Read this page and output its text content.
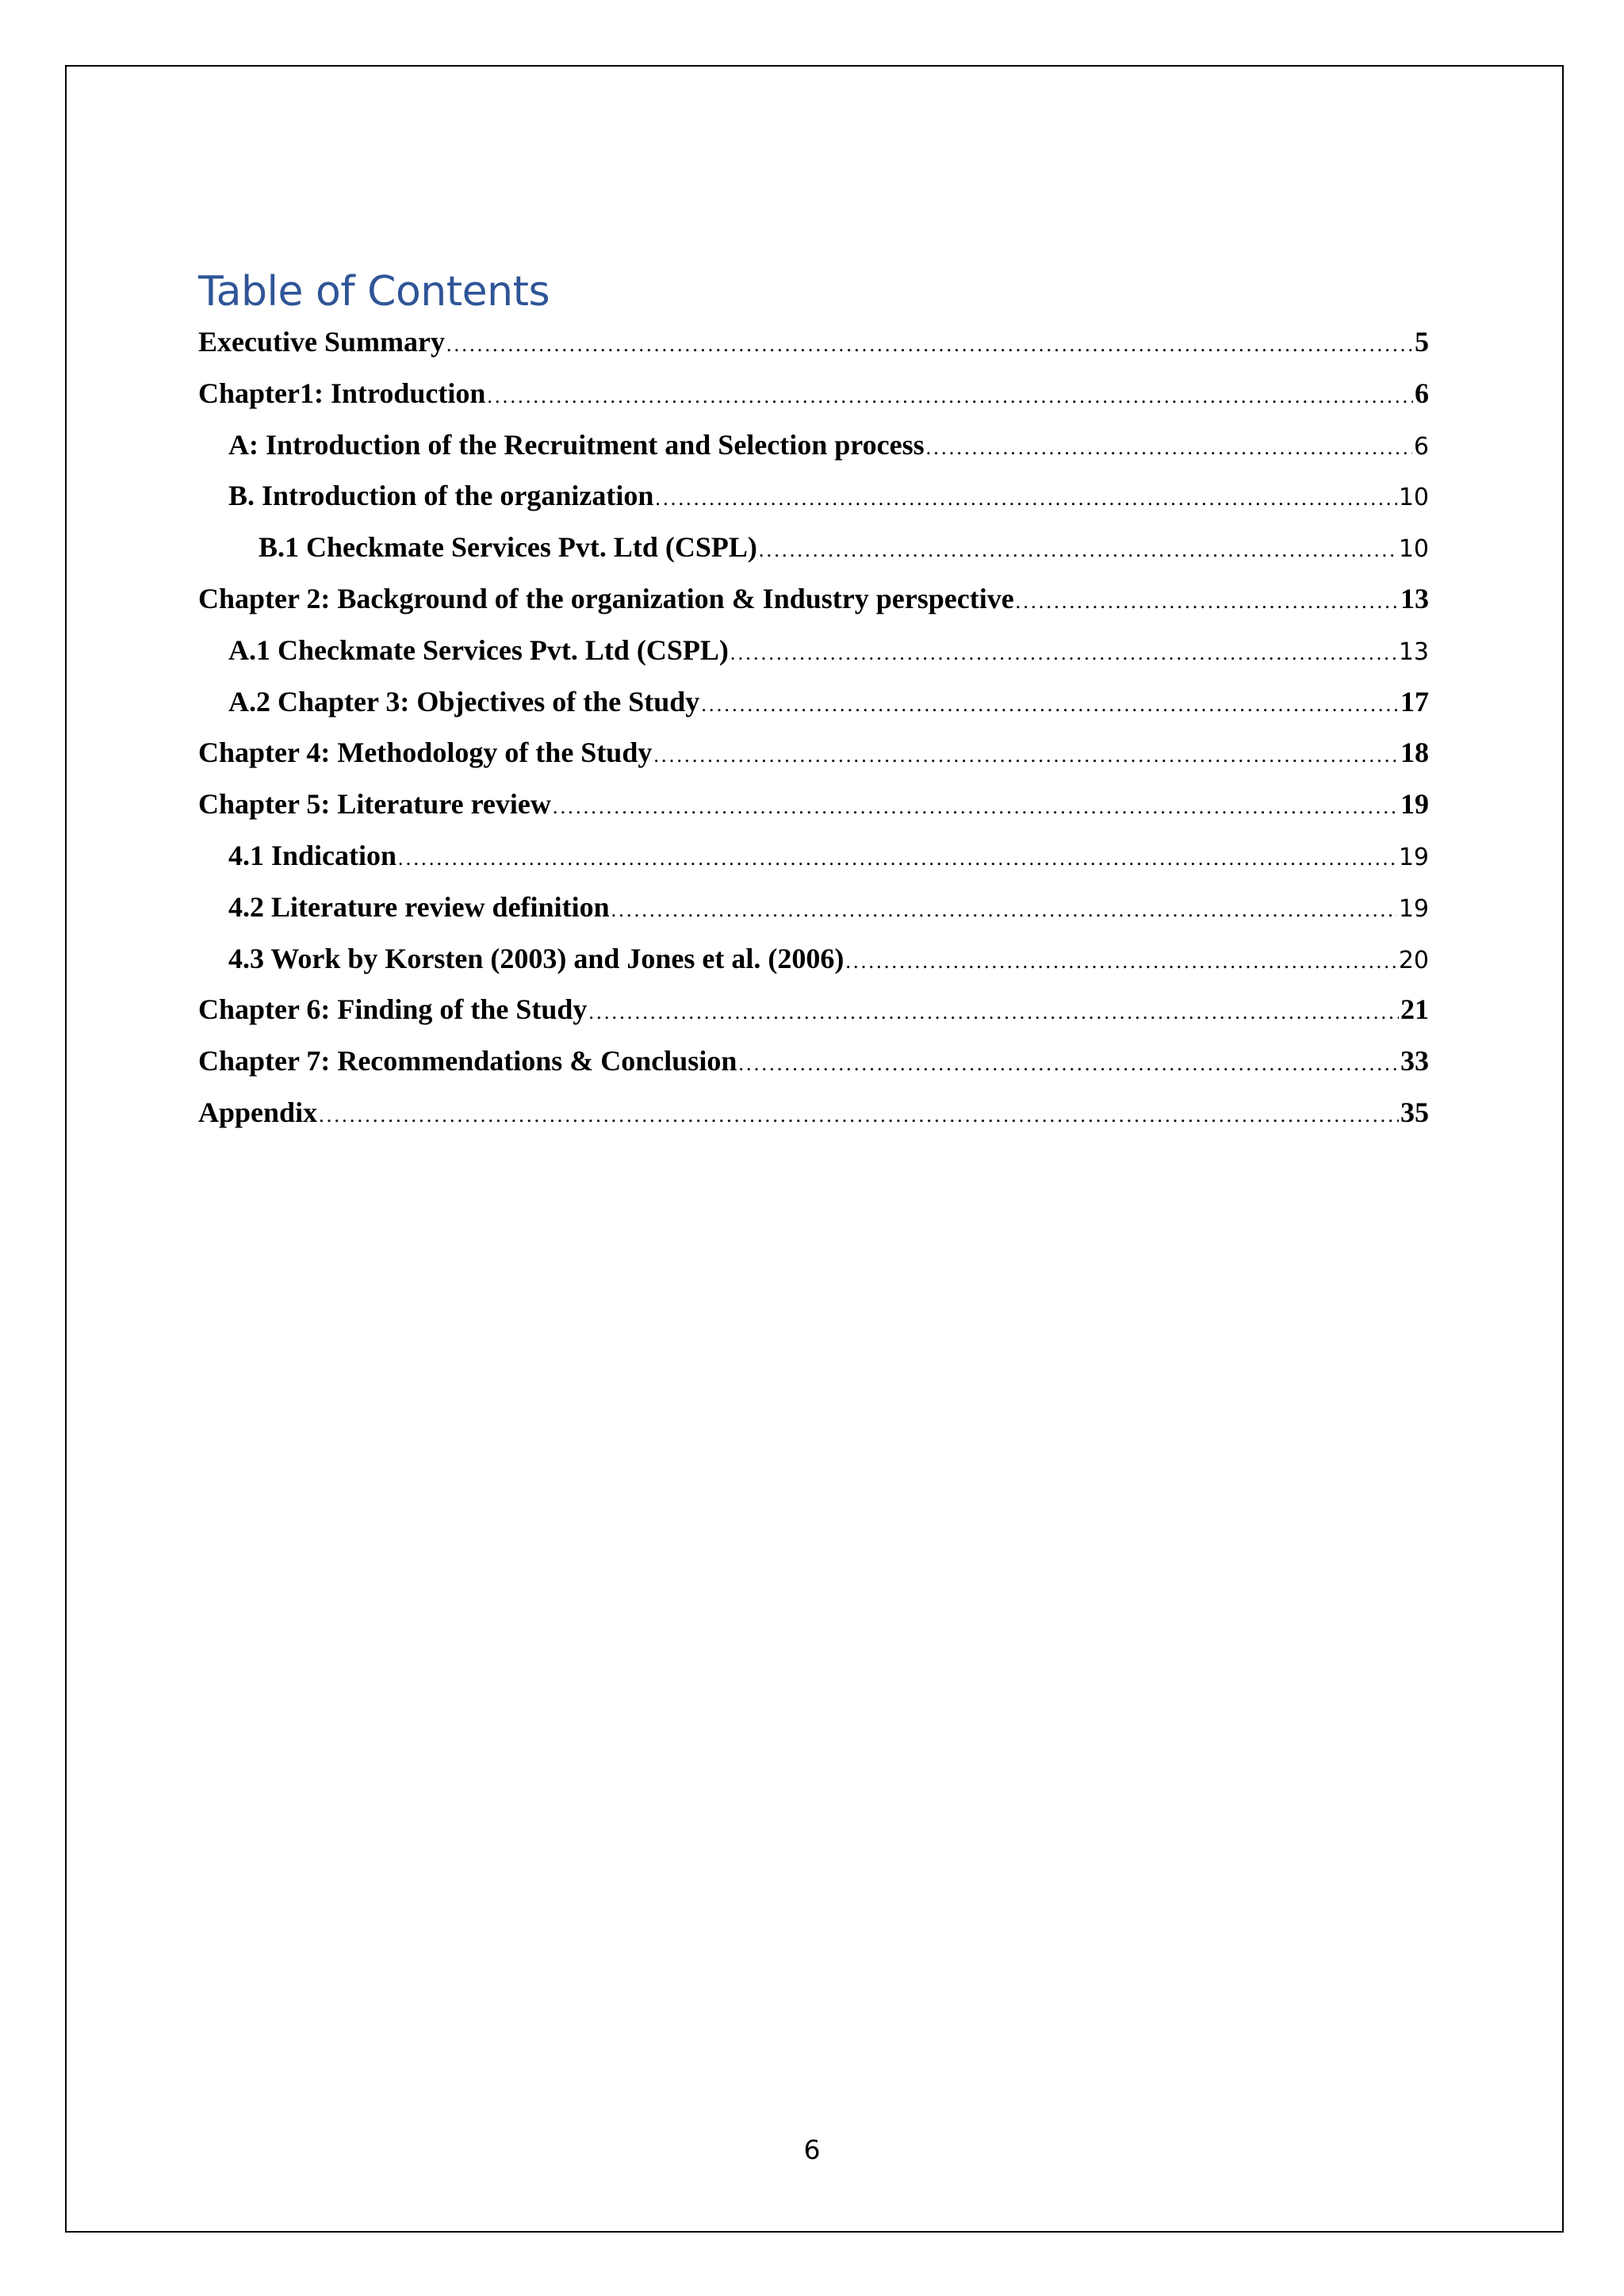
Table of Contents
Executive Summary .....	5
Chapter1: Introduction .....	6
A: Introduction of the Recruitment and Selection process .....	6
B. Introduction of the organization .....	10
B.1 Checkmate Services Pvt. Ltd (CSPL) .....	10
Chapter 2: Background of the organization & Industry perspective .....	13
A.1 Checkmate Services Pvt. Ltd (CSPL) .....	13
A.2 Chapter 3: Objectives of the Study .....	17
Chapter 4: Methodology of the Study .....	18
Chapter 5: Literature review .....	19
4.1 Indication .....	19
4.2 Literature review definition .....	19
4.3 Work by Korsten (2003) and Jones et al. (2006) .....	20
Chapter 6: Finding of the Study .....	21
Chapter 7: Recommendations & Conclusion .....	33
Appendix .....	35
6
